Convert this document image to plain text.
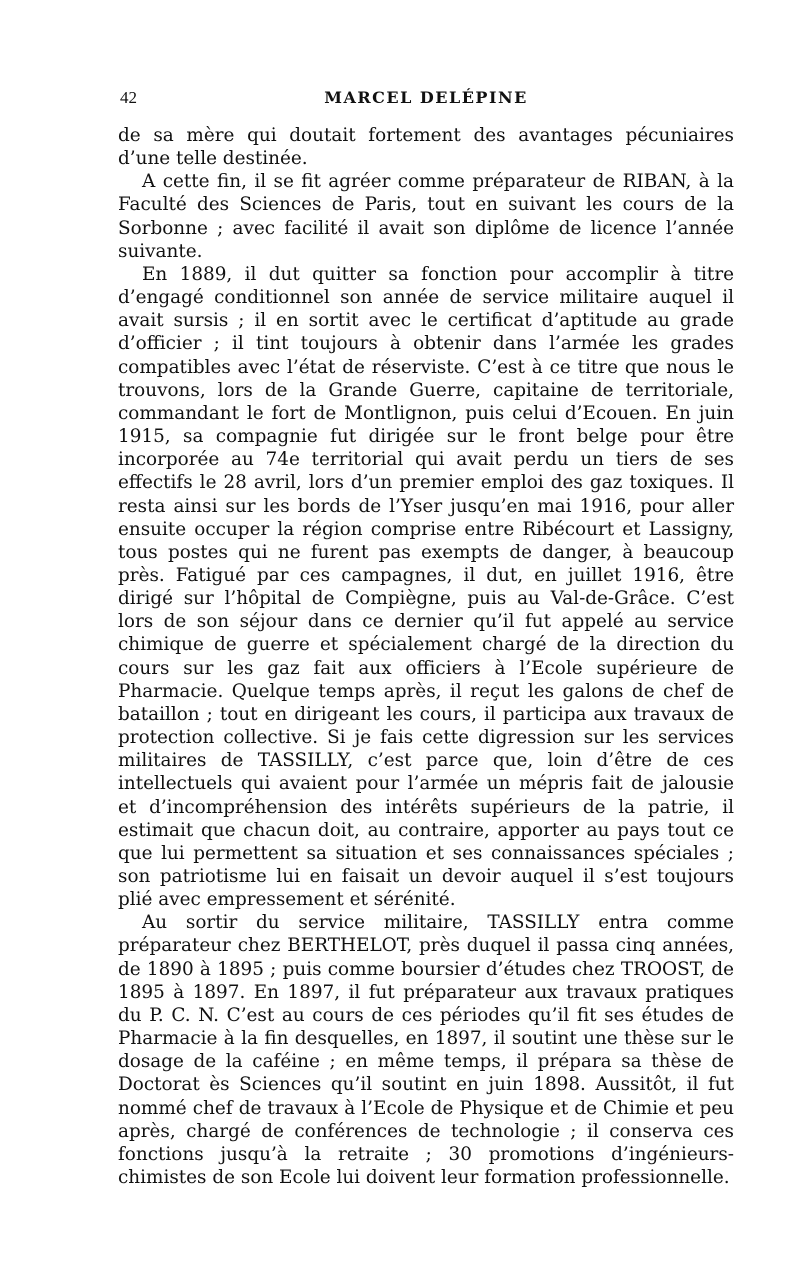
42	MARCEL DELÉPINE

de sa mère qui doutait fortement des avantages pécuniaires d’une telle destinée.

A cette fin, il se fit agréer comme préparateur de RIBAN, à la Faculté des Sciences de Paris, tout en suivant les cours de la Sorbonne ; avec facilité il avait son diplôme de licence l’année suivante.

En 1889, il dut quitter sa fonction pour accomplir à titre d’engagé conditionnel son année de service militaire auquel il avait sursis ; il en sortit avec le certificat d’aptitude au grade d’officier ; il tint toujours à obtenir dans l’armée les grades compatibles avec l’état de réserviste. C’est à ce titre que nous le trouvons, lors de la Grande Guerre, capitaine de territoriale, commandant le fort de Montlignon, puis celui d’Ecouen. En juin 1915, sa compagnie fut dirigée sur le front belge pour être incorporée au 74e territorial qui avait perdu un tiers de ses effectifs le 28 avril, lors d’un premier emploi des gaz toxiques. Il resta ainsi sur les bords de l’Yser jusqu’en mai 1916, pour aller ensuite occuper la région comprise entre Ribécourt et Lassigny, tous postes qui ne furent pas exempts de danger, à beaucoup près. Fatigué par ces campagnes, il dut, en juillet 1916, être dirigé sur l’hôpital de Compiègne, puis au Val-de-Grâce. C’est lors de son séjour dans ce dernier qu’il fut appelé au service chimique de guerre et spécialement chargé de la direction du cours sur les gaz fait aux officiers à l’Ecole supérieure de Pharmacie. Quelque temps après, il reçut les galons de chef de bataillon ; tout en dirigeant les cours, il participa aux travaux de protection collective. Si je fais cette digression sur les services militaires de TASSILLY, c’est parce que, loin d’être de ces intellectuels qui avaient pour l’armée un mépris fait de jalousie et d’incompréhension des intérêts supérieurs de la patrie, il estimait que chacun doit, au contraire, apporter au pays tout ce que lui permettent sa situation et ses connaissances spéciales ; son patriotisme lui en faisait un devoir auquel il s’est toujours plié avec empressement et sérénité.

Au sortir du service militaire, TASSILLY entra comme préparateur chez BERTHELOT, près duquel il passa cinq années, de 1890 à 1895 ; puis comme boursier d’études chez TROOST, de 1895 à 1897. En 1897, il fut préparateur aux travaux pratiques du P. C. N. C’est au cours de ces périodes qu’il fit ses études de Pharmacie à la fin desquelles, en 1897, il soutint une thèse sur le dosage de la caféine ; en même temps, il prépara sa thèse de Doctorat ès Sciences qu’il soutint en juin 1898. Aussitôt, il fut nommé chef de travaux à l’Ecole de Physique et de Chimie et peu après, chargé de conférences de technologie ; il conserva ces fonctions jusqu’à la retraite ; 30 promotions d’ingénieurs-chimistes de son Ecole lui doivent leur formation professionnelle.
